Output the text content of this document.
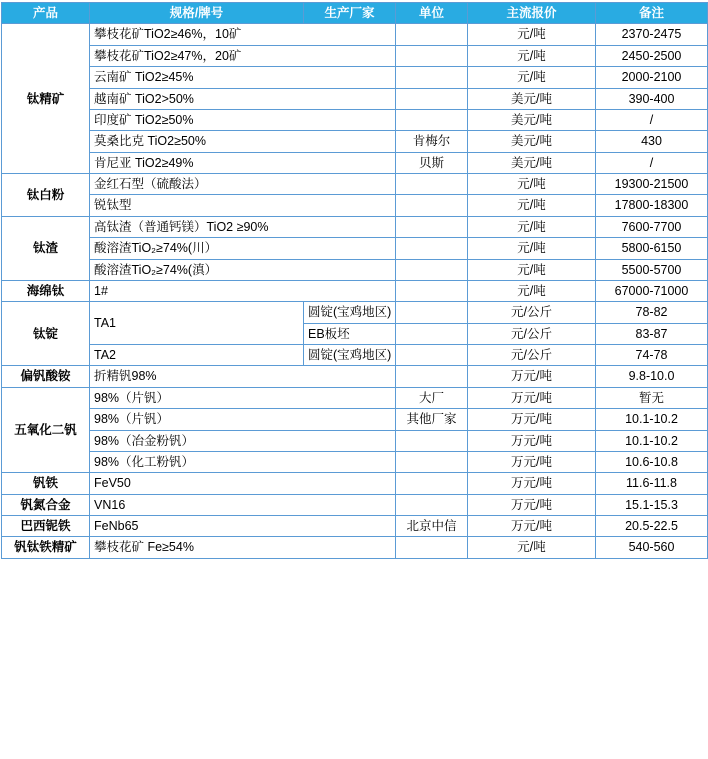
产品	规格/牌号	生产厂家	单位	主流报价	备注	
钛精矿	攀枝花矿TiO2≥46%，10矿			元/吨	2370-2475	
	攀枝花矿TiO2≥47%，20矿			元/吨	2450-2500	
	云南矿 TiO2≥45%			元/吨	2000-2100	
	越南矿 TiO2>50%			美元/吨	390-400	
	印度矿 TiO2≥50%			美元/吨	/	
	莫桑比克 TiO2≥50%		肯梅尔	美元/吨	430	
	肯尼亚 TiO2≥49%		贝斯	美元/吨	/	
钛白粉	金红石型（硫酸法）			元/吨	19300-21500	
	锐钛型			元/吨	17800-18300	
钛渣	高钛渣（普通钙镁）TiO2 ≥90%			元/吨	7600-7700	
	酸溶渣TiO₂≥74%(川）			元/吨	5800-6150	
	酸溶渣TiO₂≥74%(滇）			元/吨	5500-5700	
海绵钛	1#			元/吨	67000-71000	
钛锭	TA1	圆锭(宝鸡地区)		元/公斤	78-82	
		EB板坯		元/公斤	83-87	
	TA2	圆锭(宝鸡地区)		元/公斤	74-78	
偏钒酸铵	折精钒98%			万元/吨	9.8-10.0	
五氧化二钒	98%（片钒）		大厂	万元/吨	暂无	
	98%（片钒）		其他厂家	万元/吨	10.1-10.2	
	98%（冶金粉钒）			万元/吨	10.1-10.2	
	98%（化工粉钒）			万元/吨	10.6-10.8	
钒铁	FeV50			万元/吨	11.6-11.8	
钒氮合金	VN16			万元/吨	15.1-15.3	
巴西铌铁	FeNb65		北京中信	万元/吨	20.5-22.5	
钒钛铁精矿	攀枝花矿 Fe≥54%			元/吨	540-560	
